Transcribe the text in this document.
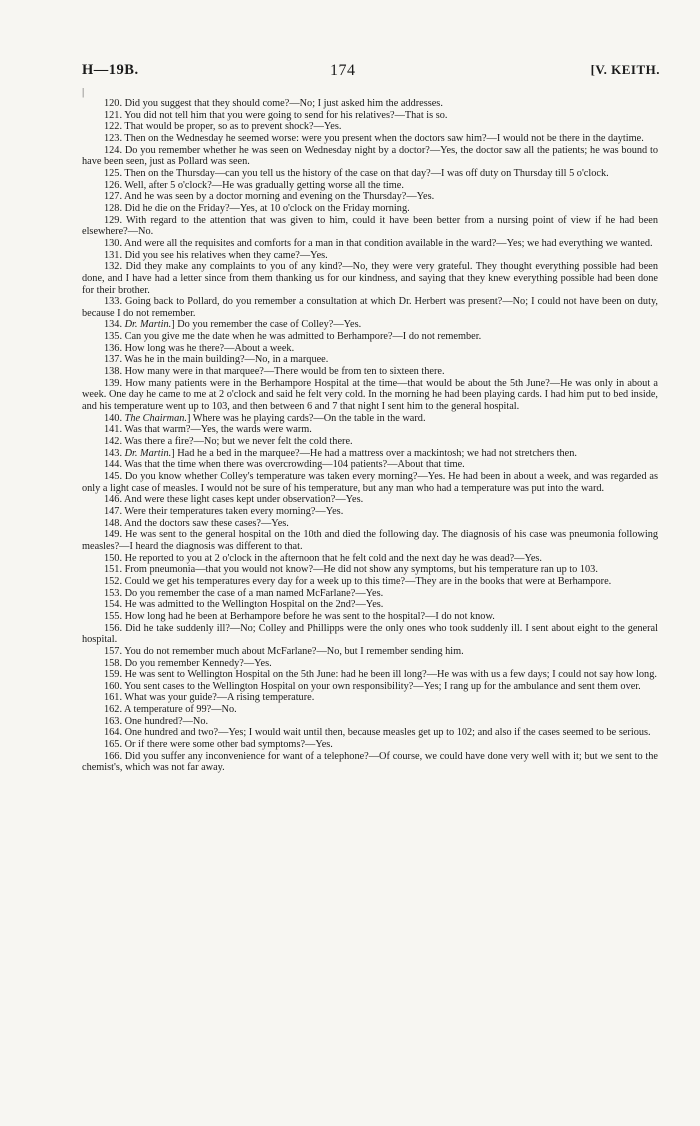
H—19B.	174	[V. KEITH.
|

120. Did you suggest that they should come?—No; I just asked him the addresses.

121. You did not tell him that you were going to send for his relatives?—That is so.

122. That would be proper, so as to prevent shock?—Yes.

123. Then on the Wednesday he seemed worse: were you present when the doctors saw him?—I would not be there in the daytime.

124. Do you remember whether he was seen on Wednesday night by a doctor?—Yes, the doctor saw all the patients; he was bound to have been seen, just as Pollard was seen.

125. Then on the Thursday—can you tell us the history of the case on that day?—I was off duty on Thursday till 5 o'clock.

126. Well, after 5 o'clock?—He was gradually getting worse all the time.

127. And he was seen by a doctor morning and evening on the Thursday?—Yes.

128. Did he die on the Friday?—Yes, at 10 o'clock on the Friday morning.

129. With regard to the attention that was given to him, could it have been better from a nursing point of view if he had been elsewhere?—No.

130. And were all the requisites and comforts for a man in that condition available in the ward?—Yes; we had everything we wanted.

131. Did you see his relatives when they came?—Yes.

132. Did they make any complaints to you of any kind?—No, they were very grateful. They thought everything possible had been done, and I have had a letter since from them thanking us for our kindness, and saying that they knew everything possible had been done for their brother.

133. Going back to Pollard, do you remember a consultation at which Dr. Herbert was present?—No; I could not have been on duty, because I do not remember.

134. Dr. Martin.] Do you remember the case of Colley?—Yes.

135. Can you give me the date when he was admitted to Berhampore?—I do not remember.

136. How long was he there?—About a week.

137. Was he in the main building?—No, in a marquee.

138. How many were in that marquee?—There would be from ten to sixteen there.

139. How many patients were in the Berhampore Hospital at the time—that would be about the 5th June?—He was only in about a week. One day he came to me at 2 o'clock and said he felt very cold. In the morning he had been playing cards. I had him put to bed inside, and his temperature went up to 103, and then between 6 and 7 that night I sent him to the general hospital.

140. The Chairman.] Where was he playing cards?—On the table in the ward.

141. Was that warm?—Yes, the wards were warm.

142. Was there a fire?—No; but we never felt the cold there.

143. Dr. Martin.] Had he a bed in the marquee?—He had a mattress over a mackintosh; we had not stretchers then.

144. Was that the time when there was overcrowding—104 patients?—About that time.

145. Do you know whether Colley's temperature was taken every morning?—Yes. He had been in about a week, and was regarded as only a light case of measles. I would not be sure of his temperature, but any man who had a temperature was put into the ward.

146. And were these light cases kept under observation?—Yes.

147. Were their temperatures taken every morning?—Yes.

148. And the doctors saw these cases?—Yes.

149. He was sent to the general hospital on the 10th and died the following day. The diagnosis of his case was pneumonia following measles?—I heard the diagnosis was different to that.

150. He reported to you at 2 o'clock in the afternoon that he felt cold and the next day he was dead?—Yes.

151. From pneumonia—that you would not know?—He did not show any symptoms, but his temperature ran up to 103.

152. Could we get his temperatures every day for a week up to this time?—They are in the books that were at Berhampore.

153. Do you remember the case of a man named McFarlane?—Yes.

154. He was admitted to the Wellington Hospital on the 2nd?—Yes.

155. How long had he been at Berhampore before he was sent to the hospital?—I do not know.

156. Did he take suddenly ill?—No; Colley and Phillipps were the only ones who took suddenly ill. I sent about eight to the general hospital.

157. You do not remember much about McFarlane?—No, but I remember sending him.

158. Do you remember Kennedy?—Yes.

159. He was sent to Wellington Hospital on the 5th June: had he been ill long?—He was with us a few days; I could not say how long.

160. You sent cases to the Wellington Hospital on your own responsibility?—Yes; I rang up for the ambulance and sent them over.

161. What was your guide?—A rising temperature.

162. A temperature of 99?—No.

163. One hundred?—No.

164. One hundred and two?—Yes; I would wait until then, because measles get up to 102; and also if the cases seemed to be serious.

165. Or if there were some other bad symptoms?—Yes.

166. Did you suffer any inconvenience for want of a telephone?—Of course, we could have done very well with it; but we sent to the chemist's, which was not far away.
